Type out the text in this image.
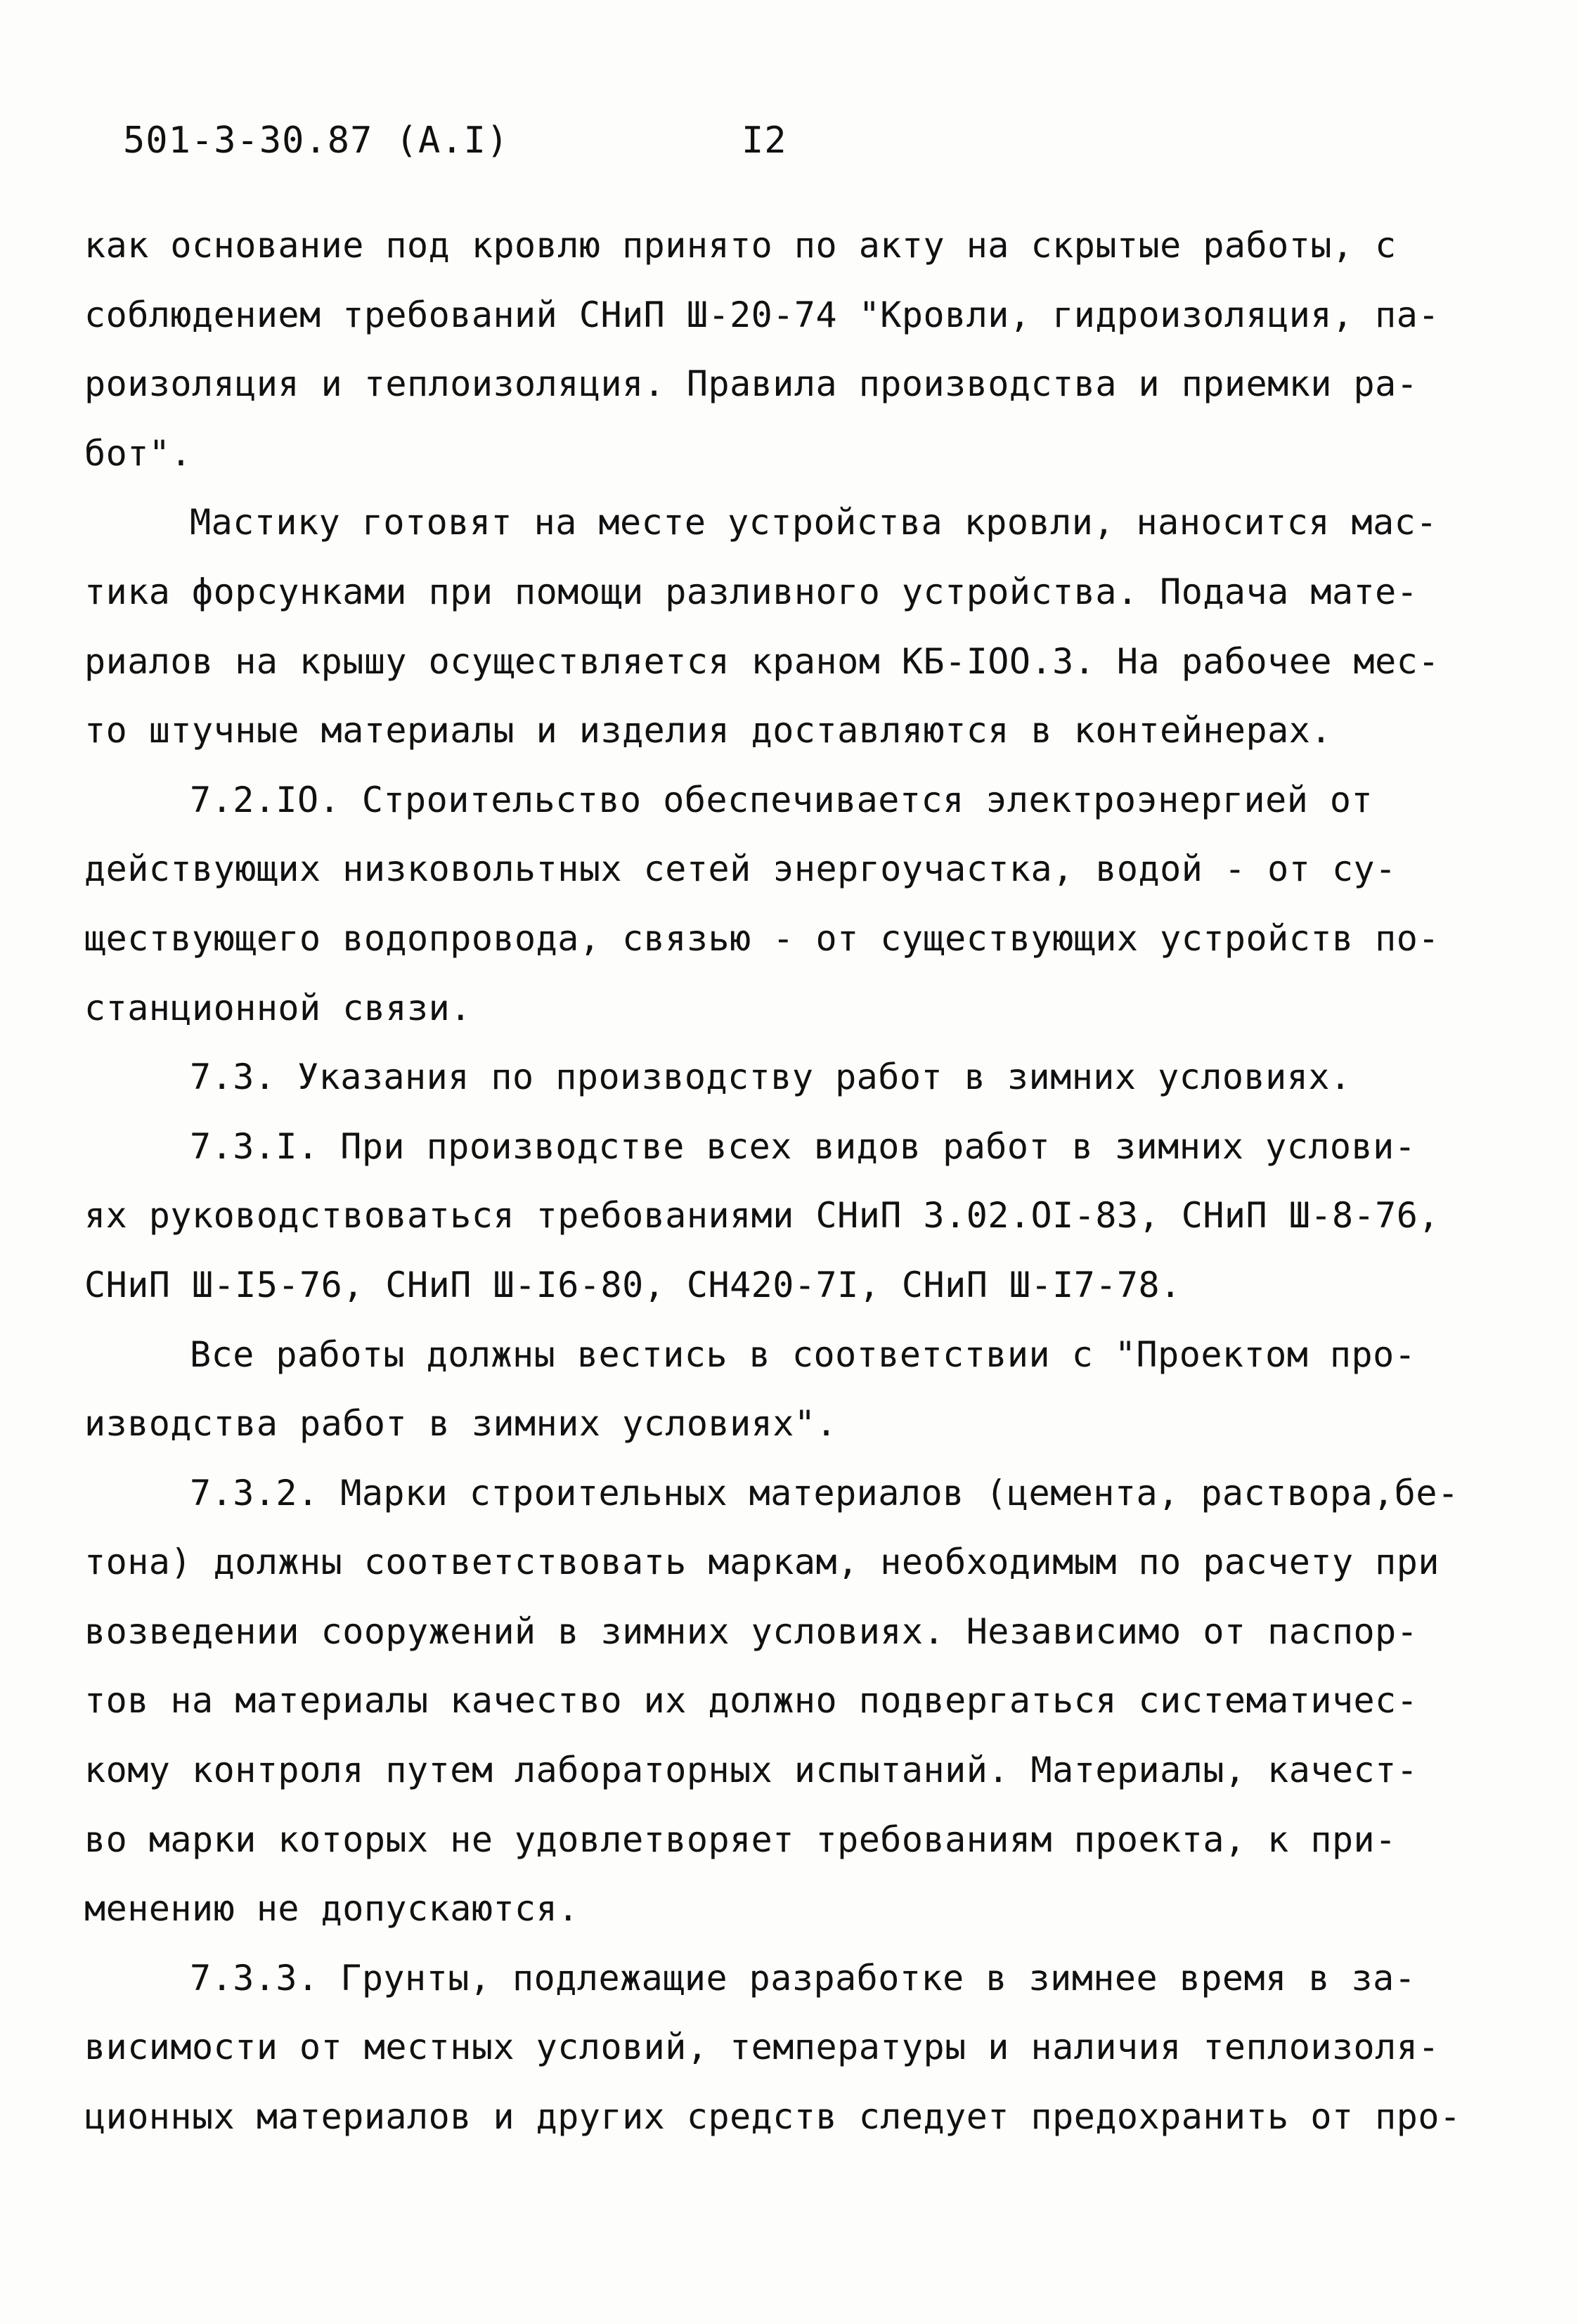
501-3-30.87 (А.I)	I2
как основание под кровлю принято по акту на скрытые работы, с
соблюдением требований СНиП Ш-20-74 "Кровли, гидроизоляция, па-
роизоляция и теплоизоляция. Правила производства и приемки ра-
бот".
Мастику готовят на месте устройства кровли, наносится мас-
тика форсунками при помощи разливного устройства. Подача мате-
риалов на крышу осуществляется краном КБ-IOO.3. На рабочее мес-
то штучные материалы и изделия доставляются в контейнерах.
7.2.IO. Строительство обеспечивается электроэнергией от
действующих низковольтных сетей энергоучастка, водой - от су-
ществующего водопровода, связью - от существующих устройств по-
станционной связи.
7.3. Указания по производству работ в зимних условиях.
7.3.I. При производстве всех видов работ в зимних услови-
ях руководствоваться требованиями СНиП 3.02.OI-83, СНиП Ш-8-76,
СНиП Ш-I5-76, СНиП Ш-I6-80, СН420-7I, СНиП Ш-I7-78.
Все работы должны вестись в соответствии с "Проектом про-
изводства работ в зимних условиях".
7.3.2. Марки строительных материалов (цемента, раствора,бе-
тона) должны соответствовать маркам, необходимым по расчету при
возведении сооружений в зимних условиях. Независимо от паспор-
тов на материалы качество их должно подвергаться систематичес-
кому контроля путем лабораторных испытаний. Материалы, качест-
во марки которых не удовлетворяет требованиям проекта, к при-
менению не допускаются.
7.3.3. Грунты, подлежащие разработке в зимнее время в за-
висимости от местных условий, температуры и наличия теплоизоля-
ционных материалов и других средств следует предохранить от про-
